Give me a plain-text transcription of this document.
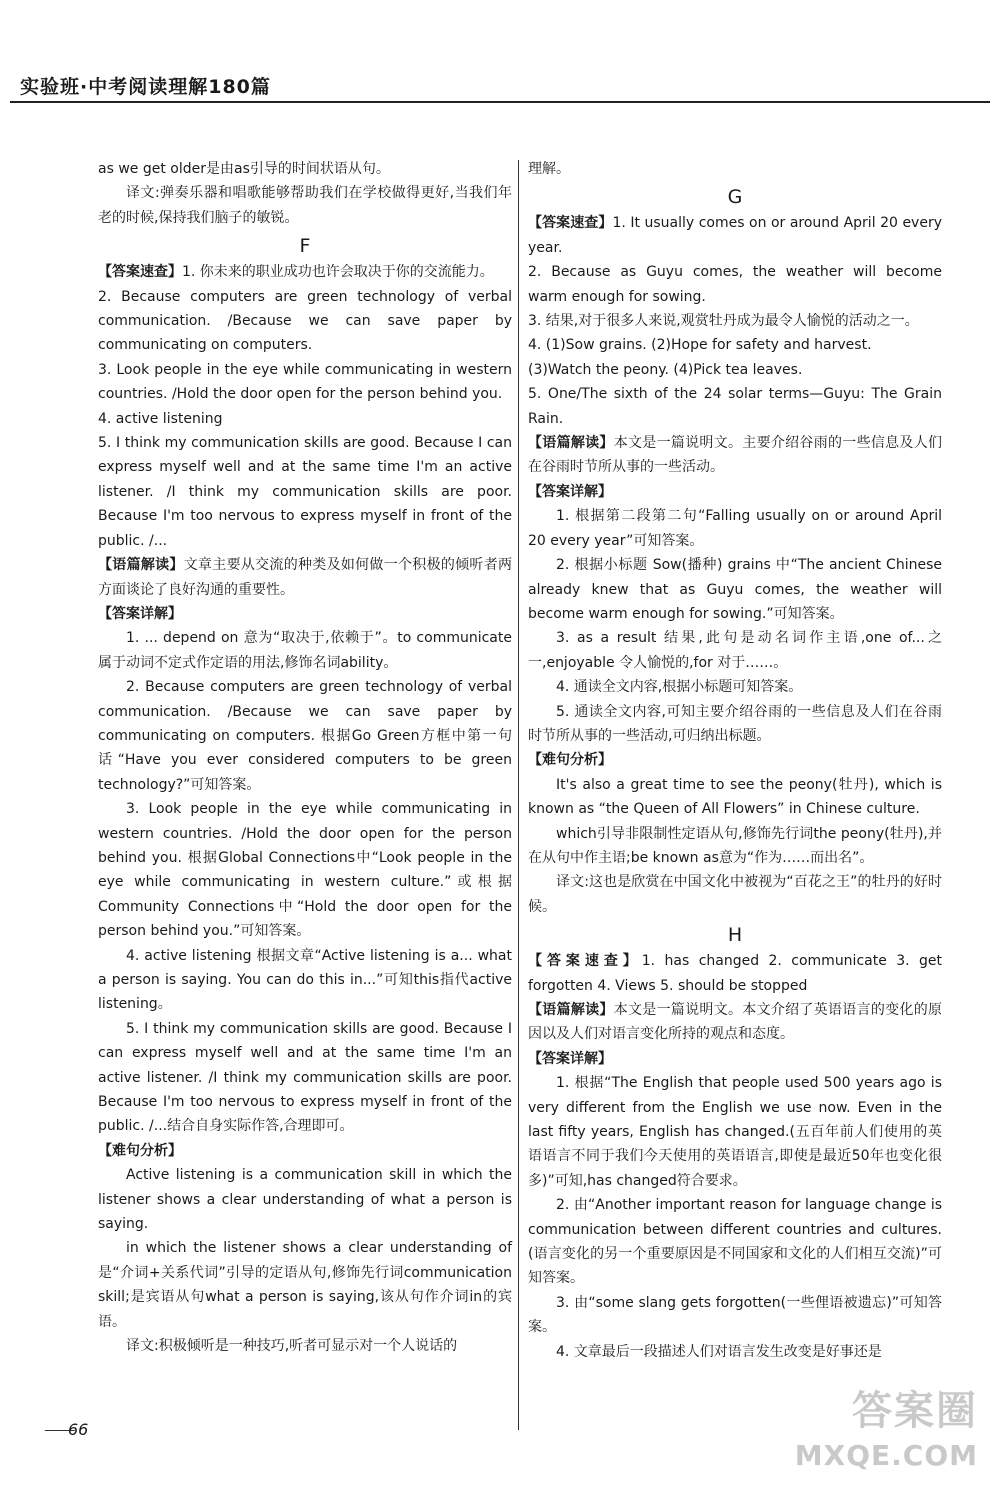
实验班·中考阅读理解180篇

as we get older是由as引导的时间状语从句。

译文:弹奏乐器和唱歌能够帮助我们在学校做得更好,当我们年老的时候,保持我们脑子的敏锐。

F

【答案速查】1. 你未来的职业成功也许会取决于你的交流能力。

2. Because computers are green technology of verbal communication. /Because we can save paper by communicating on computers.

3. Look people in the eye while communicating in western countries. /Hold the door open for the person behind you.

4. active listening

5. I think my communication skills are good. Because I can express myself well and at the same time I'm an active listener. /I think my communication skills are poor. Because I'm too nervous to express myself in front of the public. /...

【语篇解读】文章主要从交流的种类及如何做一个积极的倾听者两方面谈论了良好沟通的重要性。

【答案详解】

1. ... depend on 意为“取决于,依赖于”。to communicate 属于动词不定式作定语的用法,修饰名词ability。

2. Because computers are green technology of verbal communication. /Because we can save paper by communicating on computers. 根据Go Green方框中第一句话“Have you ever considered computers to be green technology?”可知答案。

3. Look people in the eye while communicating in western countries. /Hold the door open for the person behind you. 根据Global Connections中“Look people in the eye while communicating in western culture.”或根据Community Connections中“Hold the door open for the person behind you.”可知答案。

4. active listening 根据文章“Active listening is a... what a person is saying. You can do this in...”可知this指代active listening。

5. I think my communication skills are good. Because I can express myself well and at the same time I'm an active listener. /I think my communication skills are poor. Because I'm too nervous to express myself in front of the public. /...结合自身实际作答,合理即可。

【难句分析】

Active listening is a communication skill in which the listener shows a clear understanding of what a person is saying.

in which the listener shows a clear understanding of 是“介词+关系代词”引导的定语从句,修饰先行词communication skill;是宾语从句what a person is saying,该从句作介词in的宾语。

译文:积极倾听是一种技巧,听者可显示对一个人说话的

理解。

G

【答案速查】1. It usually comes on or around April 20 every year.

2. Because as Guyu comes, the weather will become warm enough for sowing.

3. 结果,对于很多人来说,观赏牡丹成为最令人愉悦的活动之一。

4. (1)Sow grains. (2)Hope for safety and harvest.

(3)Watch the peony. (4)Pick tea leaves.

5. One/The sixth of the 24 solar terms—Guyu: The Grain Rain.

【语篇解读】本文是一篇说明文。主要介绍谷雨的一些信息及人们在谷雨时节所从事的一些活动。

【答案详解】

1. 根据第二段第二句“Falling usually on or around April 20 every year”可知答案。

2. 根据小标题 Sow(播种) grains 中“The ancient Chinese already knew that as Guyu comes, the weather will become warm enough for sowing.”可知答案。

3. as a result 结果,此句是动名词作主语,one of...之一,enjoyable 令人愉悦的,for 对于……。

4. 通读全文内容,根据小标题可知答案。

5. 通读全文内容,可知主要介绍谷雨的一些信息及人们在谷雨时节所从事的一些活动,可归纳出标题。

【难句分析】

It's also a great time to see the peony(牡丹), which is known as “the Queen of All Flowers” in Chinese culture.

which引导非限制性定语从句,修饰先行词the peony(牡丹),并在从句中作主语;be known as意为“作为……而出名”。

译文:这也是欣赏在中国文化中被视为“百花之王”的牡丹的好时候。

H

【答案速查】1. has changed 2. communicate 3. get forgotten 4. Views 5. should be stopped

【语篇解读】本文是一篇说明文。本文介绍了英语语言的变化的原因以及人们对语言变化所持的观点和态度。

【答案详解】

1. 根据“The English that people used 500 years ago is very different from the English we use now. Even in the last fifty years, English has changed.(五百年前人们使用的英语语言不同于我们今天使用的英语语言,即使是最近50年也变化很多)”可知,has changed符合要求。

2. 由“Another important reason for language change is communication between different countries and cultures.(语言变化的另一个重要原因是不同国家和文化的人们相互交流)”可知答案。

3. 由“some slang gets forgotten(一些俚语被遗忘)”可知答案。

4. 文章最后一段描述人们对语言发生改变是好事还是

66	答案圈
MXQE.COM
